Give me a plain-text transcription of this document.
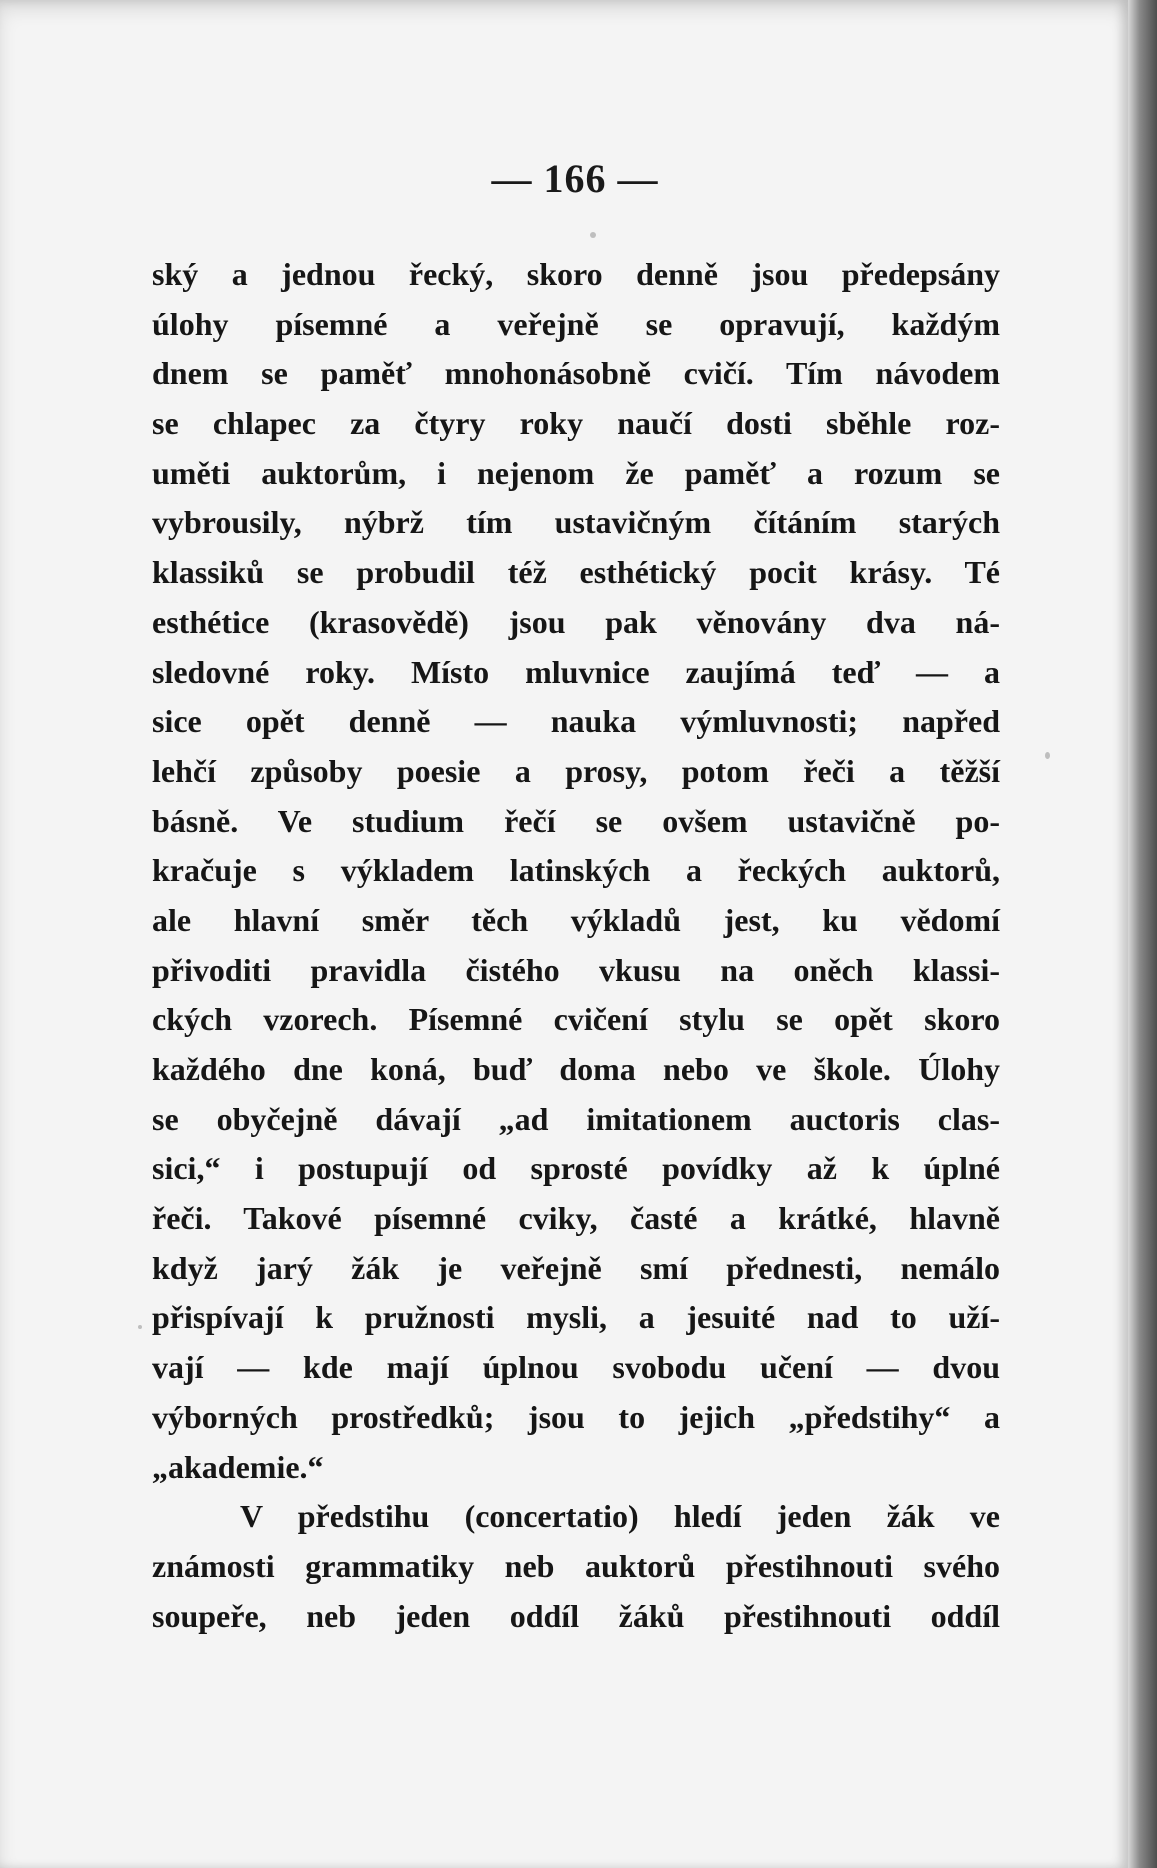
— 166 —
ský a jednou řecký, skoro denně jsou předepsány
úlohy písemné a veřejně se opravují, každým
dnem se paměť mnohonásobně cvičí. Tím návodem
se chlapec za čtyry roky naučí dosti sběhle roz-
uměti auktorům, i nejenom že paměť a rozum se
vybrousily, nýbrž tím ustavičným čítáním starých
klassiků se probudil též esthétický pocit krásy. Té
esthétice (krasovědě) jsou pak věnovány dva ná-
sledovné roky. Místo mluvnice zaujímá teď — a
sice opět denně — nauka výmluvnosti; napřed
lehčí způsoby poesie a prosy, potom řeči a těžší
básně. Ve studium řečí se ovšem ustavičně po-
kračuje s výkladem latinských a řeckých auktorů,
ale hlavní směr těch výkladů jest, ku vědomí
přivoditi pravidla čistého vkusu na oněch klassi-
ckých vzorech. Písemné cvičení stylu se opět skoro
každého dne koná, buď doma nebo ve škole. Úlohy
se obyčejně dávají „ad imitationem auctoris clas-
sici,“ i postupují od sprosté povídky až k úplné
řeči. Takové písemné cviky, časté a krátké, hlavně
když jarý žák je veřejně smí přednesti, nemálo
přispívají k pružnosti mysli, a jesuité nad to uží-
vají — kde mají úplnou svobodu učení — dvou
výborných prostředků; jsou to jejich „předstihy“ a
„akademie.“
V předstihu (concertatio) hledí jeden žák ve
známosti grammatiky neb auktorů přestihnouti svého
soupeře, neb jeden oddíl žáků přestihnouti oddíl
